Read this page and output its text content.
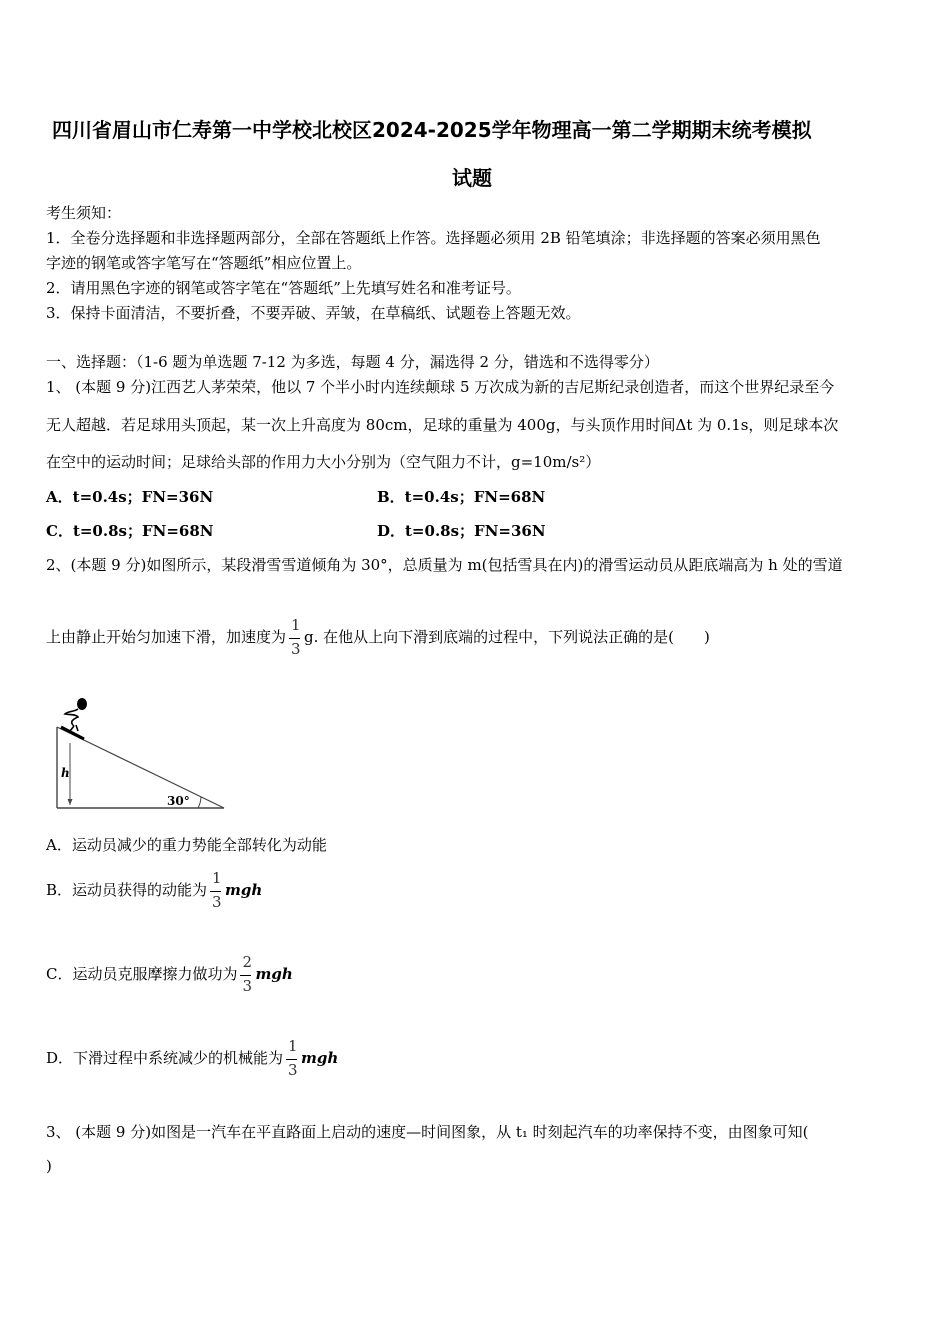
四川省眉山市仁寿第一中学校北校区2024-2025学年物理高一第二学期期末统考模拟
试题
考生须知：
1．全卷分选择题和非选择题两部分，全部在答题纸上作答。选择题必须用 2B 铅笔填涂；非选择题的答案必须用黑色
字迹的钢笔或答字笔写在“答题纸”相应位置上。
2．请用黑色字迹的钢笔或答字笔在“答题纸”上先填写姓名和准考证号。
3．保持卡面清洁，不要折叠，不要弄破、弄皱，在草稿纸、试题卷上答题无效。
一、选择题：（1-6 题为单选题 7-12 为多选，每题 4 分，漏选得 2 分，错选和不选得零分）
1、 (本题 9 分)江西艺人茅荣荣，他以 7 个半小时内连续颠球 5 万次成为新的吉尼斯纪录创造者，而这个世界纪录至今
无人超越．若足球用头顶起，某一次上升高度为 80cm，足球的重量为 400g，与头顶作用时间Δt 为 0.1s，则足球本次
在空中的运动时间；足球给头部的作用力大小分别为（空气阻力不计，g=10m/s²）
A．t=0.4s；FN=36N	B．t=0.4s；FN=68N
C．t=0.8s；FN=68N	D．t=0.8s；FN=36N
2、(本题 9 分)如图所示，某段滑雪雪道倾角为 30°，总质量为 m(包括雪具在内)的滑雪运动员从距底端高为 h 处的雪道
上由静止开始匀加速下滑，加速度为 $\frac{1}{3} g$. 在他从上向下滑到底端的过程中，下列说法正确的是(　　)
h
30°
A．运动员减少的重力势能全部转化为动能
B．运动员获得的动能为 $\frac{1}{3}$ mgh
C．运动员克服摩擦力做功为 $\frac{2}{3}$ mgh
D．下滑过程中系统减少的机械能为 $\frac{1}{3}$ mgh
3、 (本题 9 分)如图是一汽车在平直路面上启动的速度—时间图象，从 t₁ 时刻起汽车的功率保持不变，由图象可知(
)
